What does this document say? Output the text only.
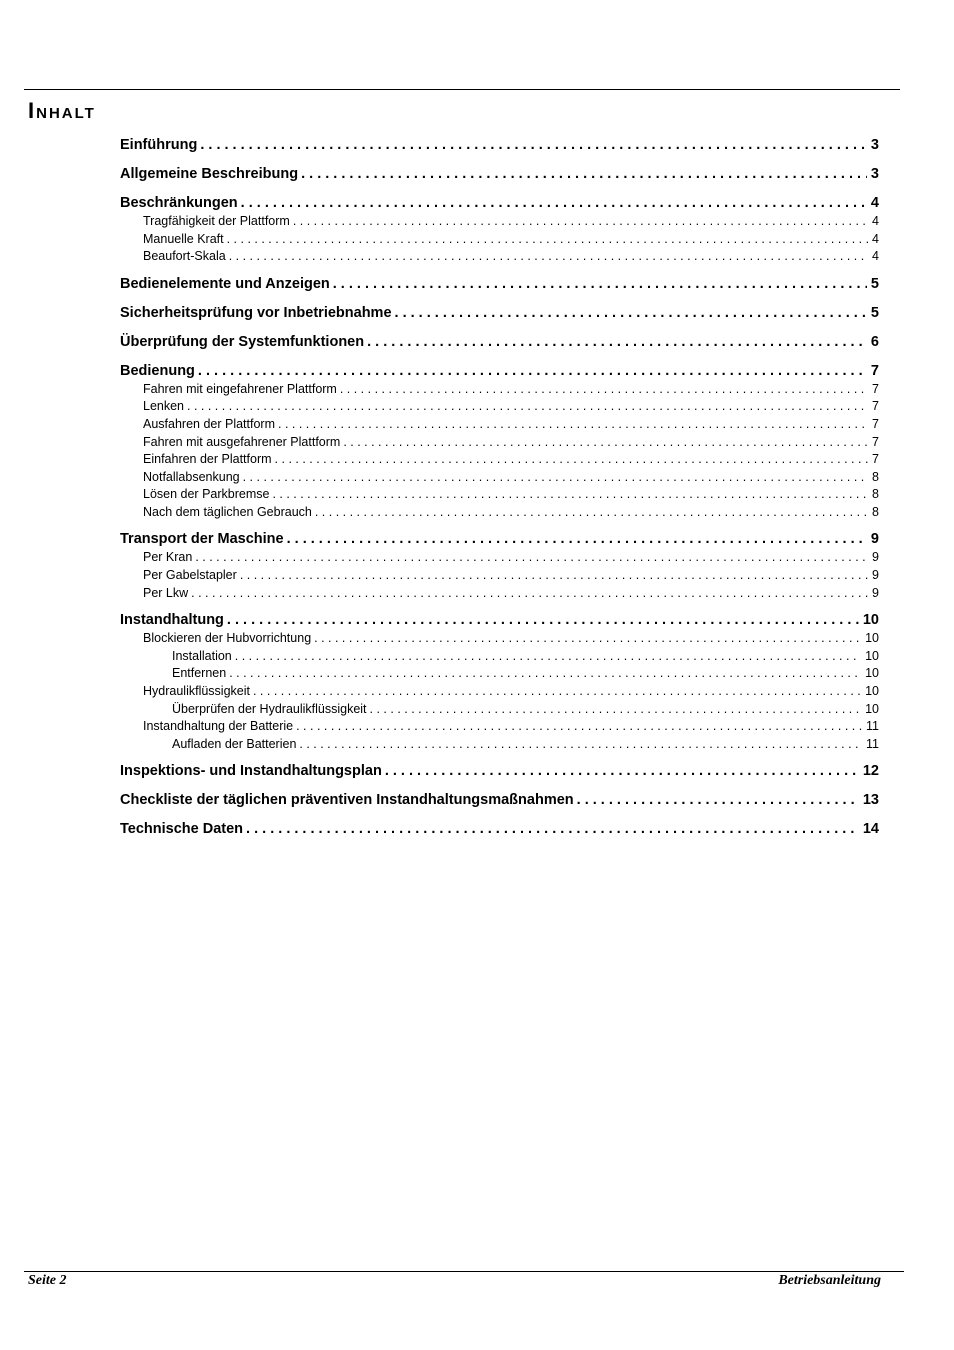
Inhalt
Einführung . . .	3
Allgemeine Beschreibung . . .	3
Beschränkungen . . .	4
Tragfähigkeit der Plattform . . .	4
Manuelle Kraft . . .	4
Beaufort-Skala . . .	4
Bedienelemente und Anzeigen . . .	5
Sicherheitsprüfung vor Inbetriebnahme . . .	5
Überprüfung der Systemfunktionen . . .	6
Bedienung . . .	7
Fahren mit eingefahrener Plattform . . .	7
Lenken . . .	7
Ausfahren der Plattform . . .	7
Fahren mit ausgefahrener Plattform . . .	7
Einfahren der Plattform . . .	7
Notfallabsenkung . . .	8
Lösen der Parkbremse . . .	8
Nach dem täglichen Gebrauch . . .	8
Transport der Maschine . . .	9
Per Kran . . .	9
Per Gabelstapler . . .	9
Per Lkw . . .	9
Instandhaltung . . .	10
Blockieren der Hubvorrichtung . . .	10
Installation . . .	10
Entfernen . . .	10
Hydraulikflüssigkeit . . .	10
Überprüfen der Hydraulikflüssigkeit . . .	10
Instandhaltung der Batterie . . .	11
Aufladen der Batterien . . .	11
Inspektions- und Instandhaltungsplan . . .	12
Checkliste der täglichen präventiven Instandhaltungsmaßnahmen . . .	13
Technische Daten . . .	14
Seite 2	Betriebsanleitung
